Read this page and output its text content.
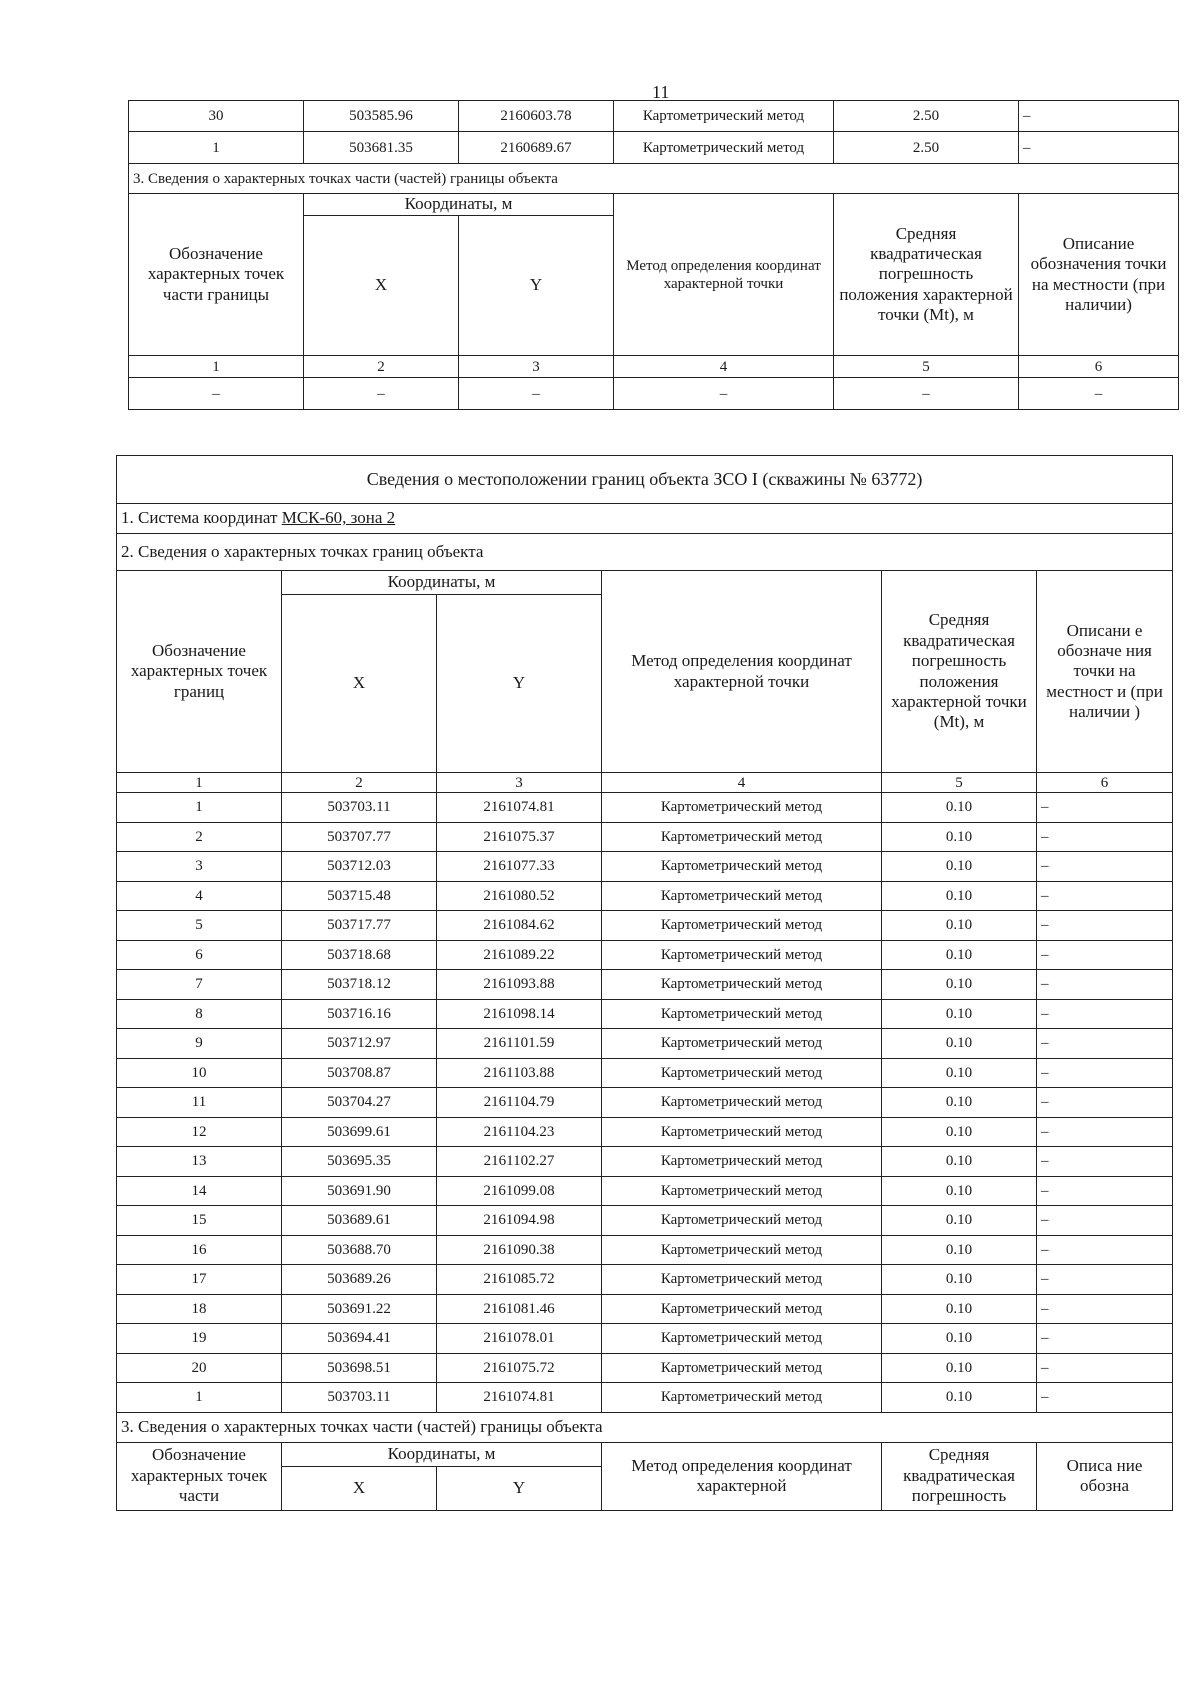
11
30	503585.96	2160603.78	Картометрический метод	2.50	–
1	503681.35	2160689.67	Картометрический метод	2.50	–
3. Сведения о характерных точках части (частей) границы объекта					
Обозначение характерных точек части границы	Координаты, м		Метод определения координат характерной точки	Средняя квадратическая погрешность положения характерной точки (Mt), м	Описание обозначения точки на местности (при наличии)
	X	Y			
1	2	3	4	5	6
–	–	–	–	–	–
Сведения о местоположении границ объекта ЗСО I (скважины № 63772)					
1. Система координат МСК-60, зона 2					
2. Сведения о характерных точках границ объекта					
Обозначение характерных точек границ	Координаты, м		Метод определения координат характерной точки	Средняя квадратическая погрешность положения характерной точки (Mt), м	Описани е обозначе ния точки на местност и (при наличии )
	X	Y			
1	2	3	4	5	6
1	503703.11	2161074.81	Картометрический метод	0.10	–
2	503707.77	2161075.37	Картометрический метод	0.10	–
3	503712.03	2161077.33	Картометрический метод	0.10	–
4	503715.48	2161080.52	Картометрический метод	0.10	–
5	503717.77	2161084.62	Картометрический метод	0.10	–
6	503718.68	2161089.22	Картометрический метод	0.10	–
7	503718.12	2161093.88	Картометрический метод	0.10	–
8	503716.16	2161098.14	Картометрический метод	0.10	–
9	503712.97	2161101.59	Картометрический метод	0.10	–
10	503708.87	2161103.88	Картометрический метод	0.10	–
11	503704.27	2161104.79	Картометрический метод	0.10	–
12	503699.61	2161104.23	Картометрический метод	0.10	–
13	503695.35	2161102.27	Картометрический метод	0.10	–
14	503691.90	2161099.08	Картометрический метод	0.10	–
15	503689.61	2161094.98	Картометрический метод	0.10	–
16	503688.70	2161090.38	Картометрический метод	0.10	–
17	503689.26	2161085.72	Картометрический метод	0.10	–
18	503691.22	2161081.46	Картометрический метод	0.10	–
19	503694.41	2161078.01	Картометрический метод	0.10	–
20	503698.51	2161075.72	Картометрический метод	0.10	–
1	503703.11	2161074.81	Картометрический метод	0.10	–
3. Сведения о характерных точках части (частей) границы объекта					
Обозначение характерных точек части	Координаты, м		Метод определения координат характерной	Средняя квадратическая погрешность	Описа ние обозна
	X	Y			
